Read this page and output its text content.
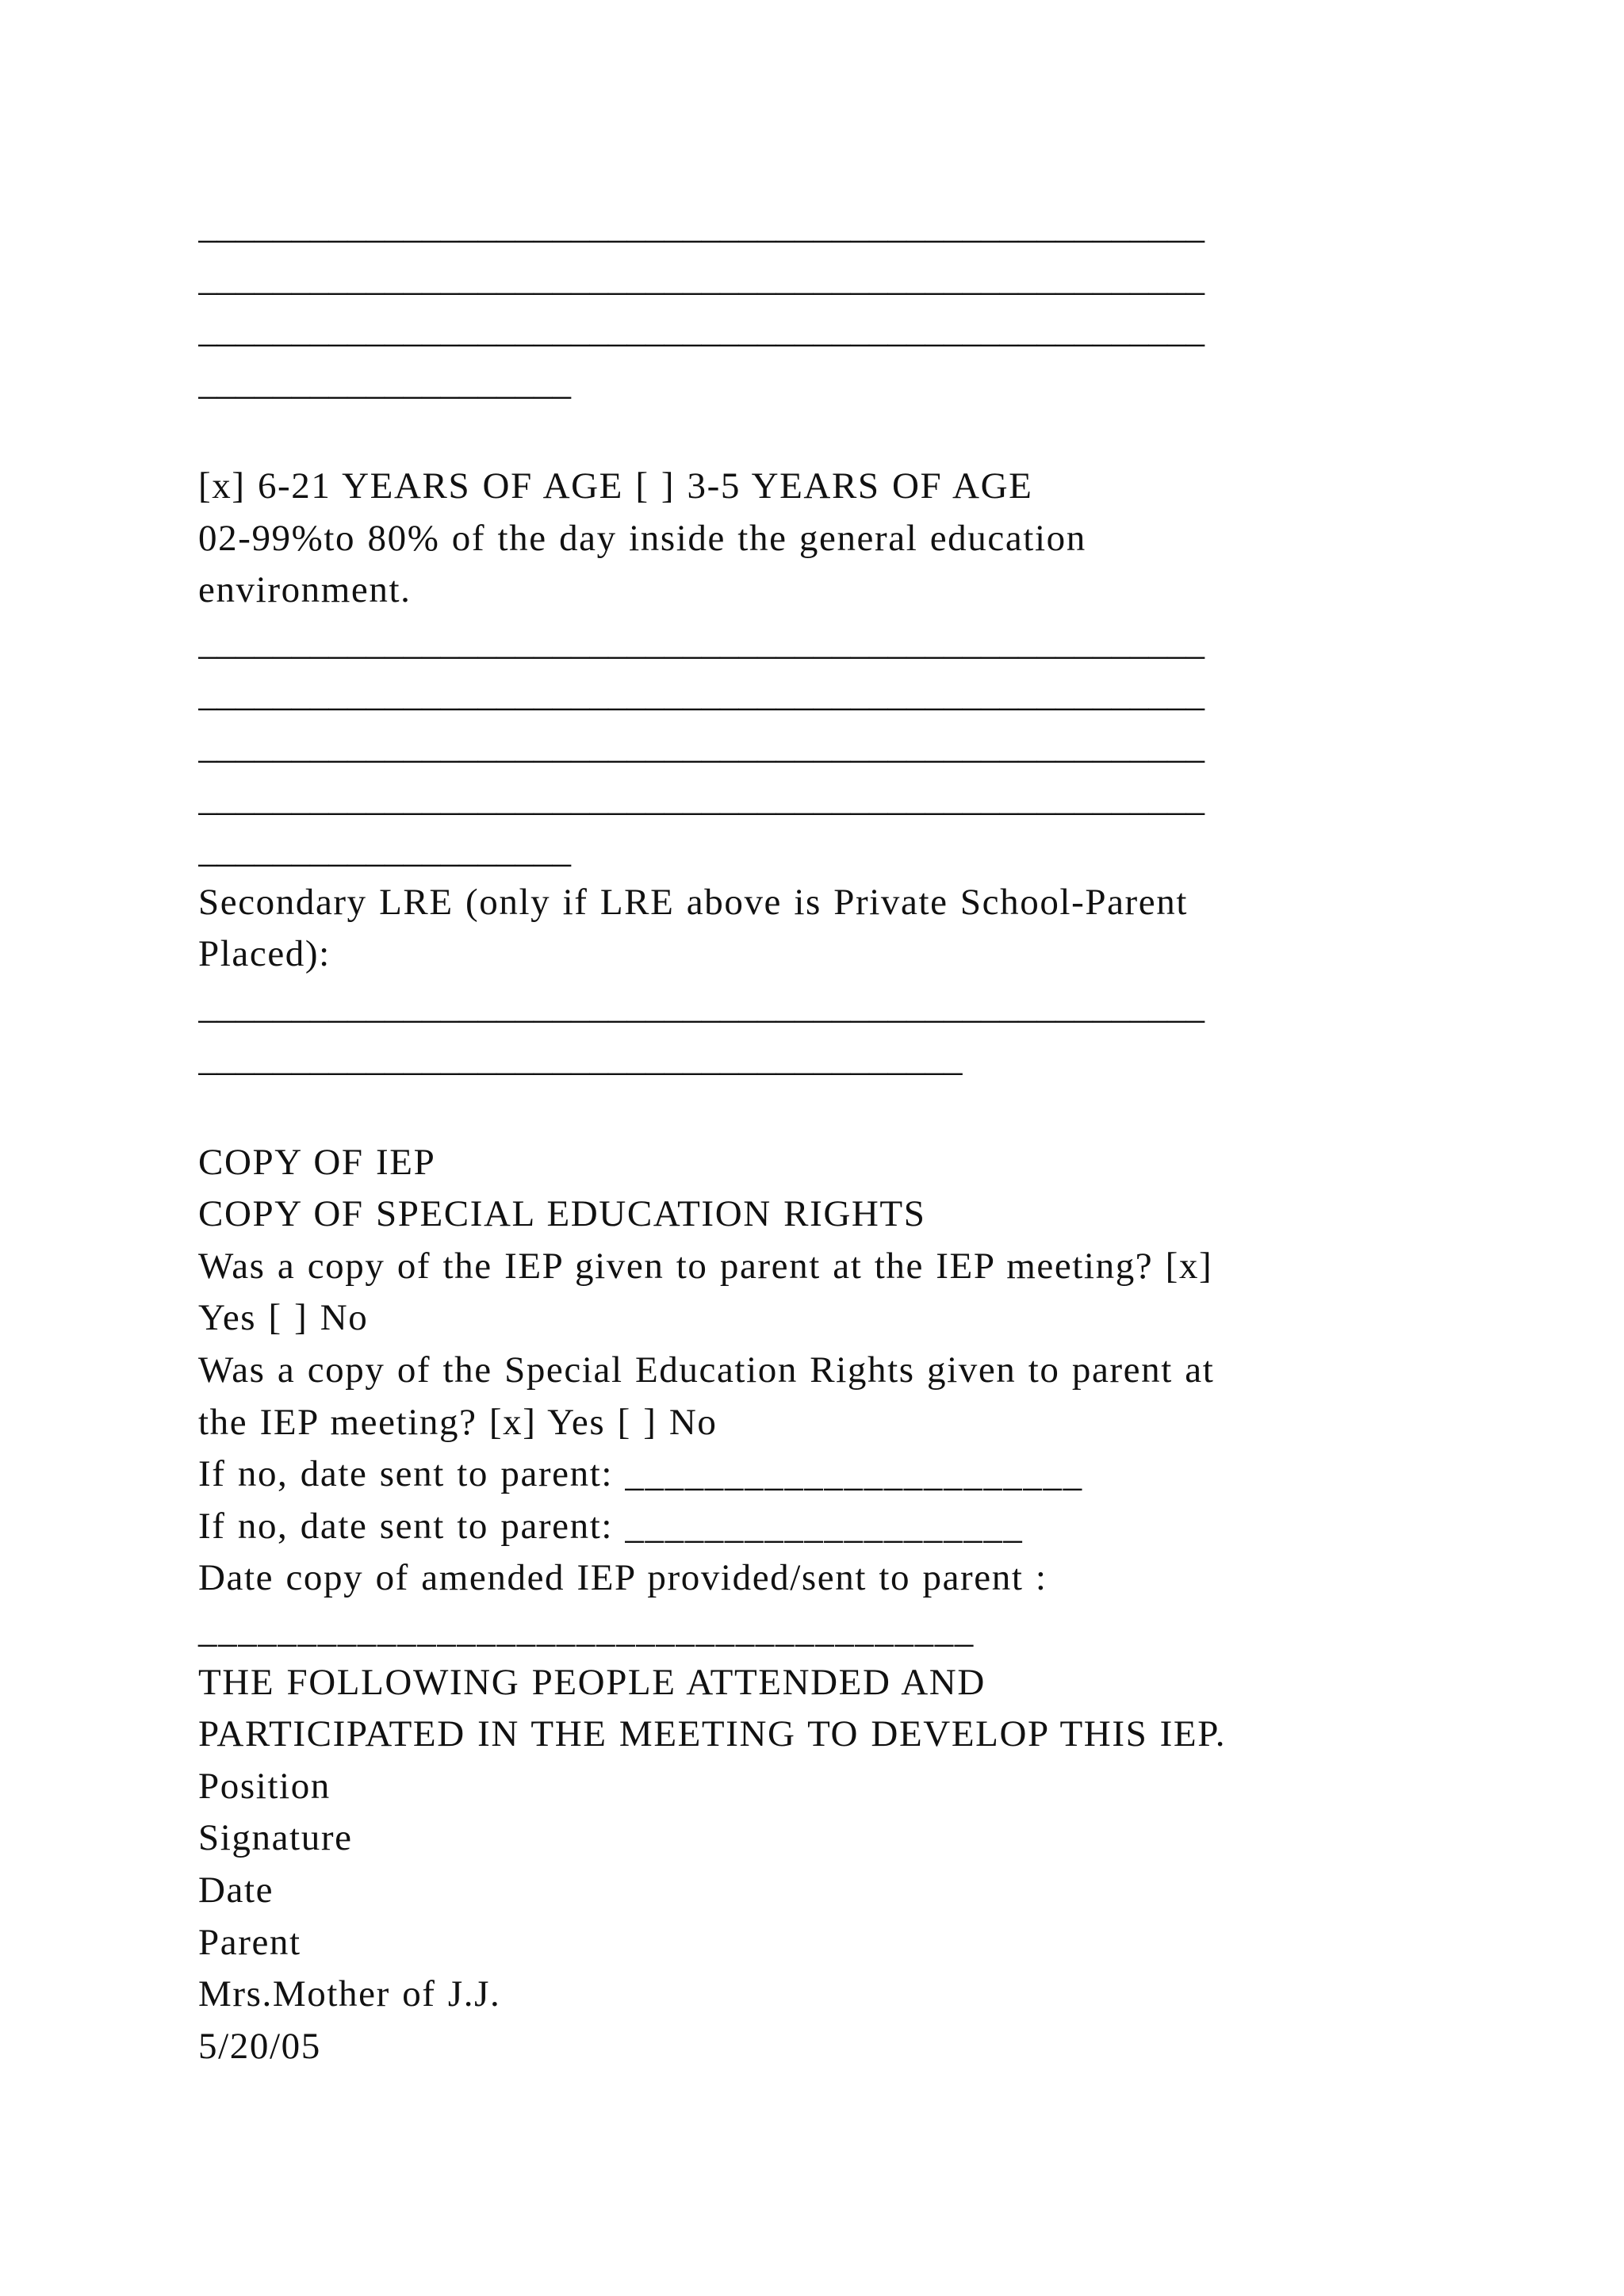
______________________________________________________
______________________________________________________
______________________________________________________
____________________
[x] 6-21 YEARS OF AGE [ ] 3-5 YEARS OF AGE
02-99%to 80% of the day inside the general education
environment.
______________________________________________________
______________________________________________________
______________________________________________________
______________________________________________________
____________________
Secondary LRE (only if LRE above is Private School-Parent
Placed):
______________________________________________________
_________________________________________
COPY OF IEP
COPY OF SPECIAL EDUCATION RIGHTS
Was a copy of the IEP given to parent at the IEP meeting? [x]
Yes [ ] No
Was a copy of the Special Education Rights given to parent at
the IEP meeting? [x] Yes [ ] No
If no, date sent to parent: _______________________
If no, date sent to parent: ____________________
Date copy of amended IEP provided/sent to parent :
_______________________________________
THE FOLLOWING PEOPLE ATTENDED AND
PARTICIPATED IN THE MEETING TO DEVELOP THIS IEP.
Position
Signature
Date
Parent
Mrs.Mother of J.J.
5/20/05
